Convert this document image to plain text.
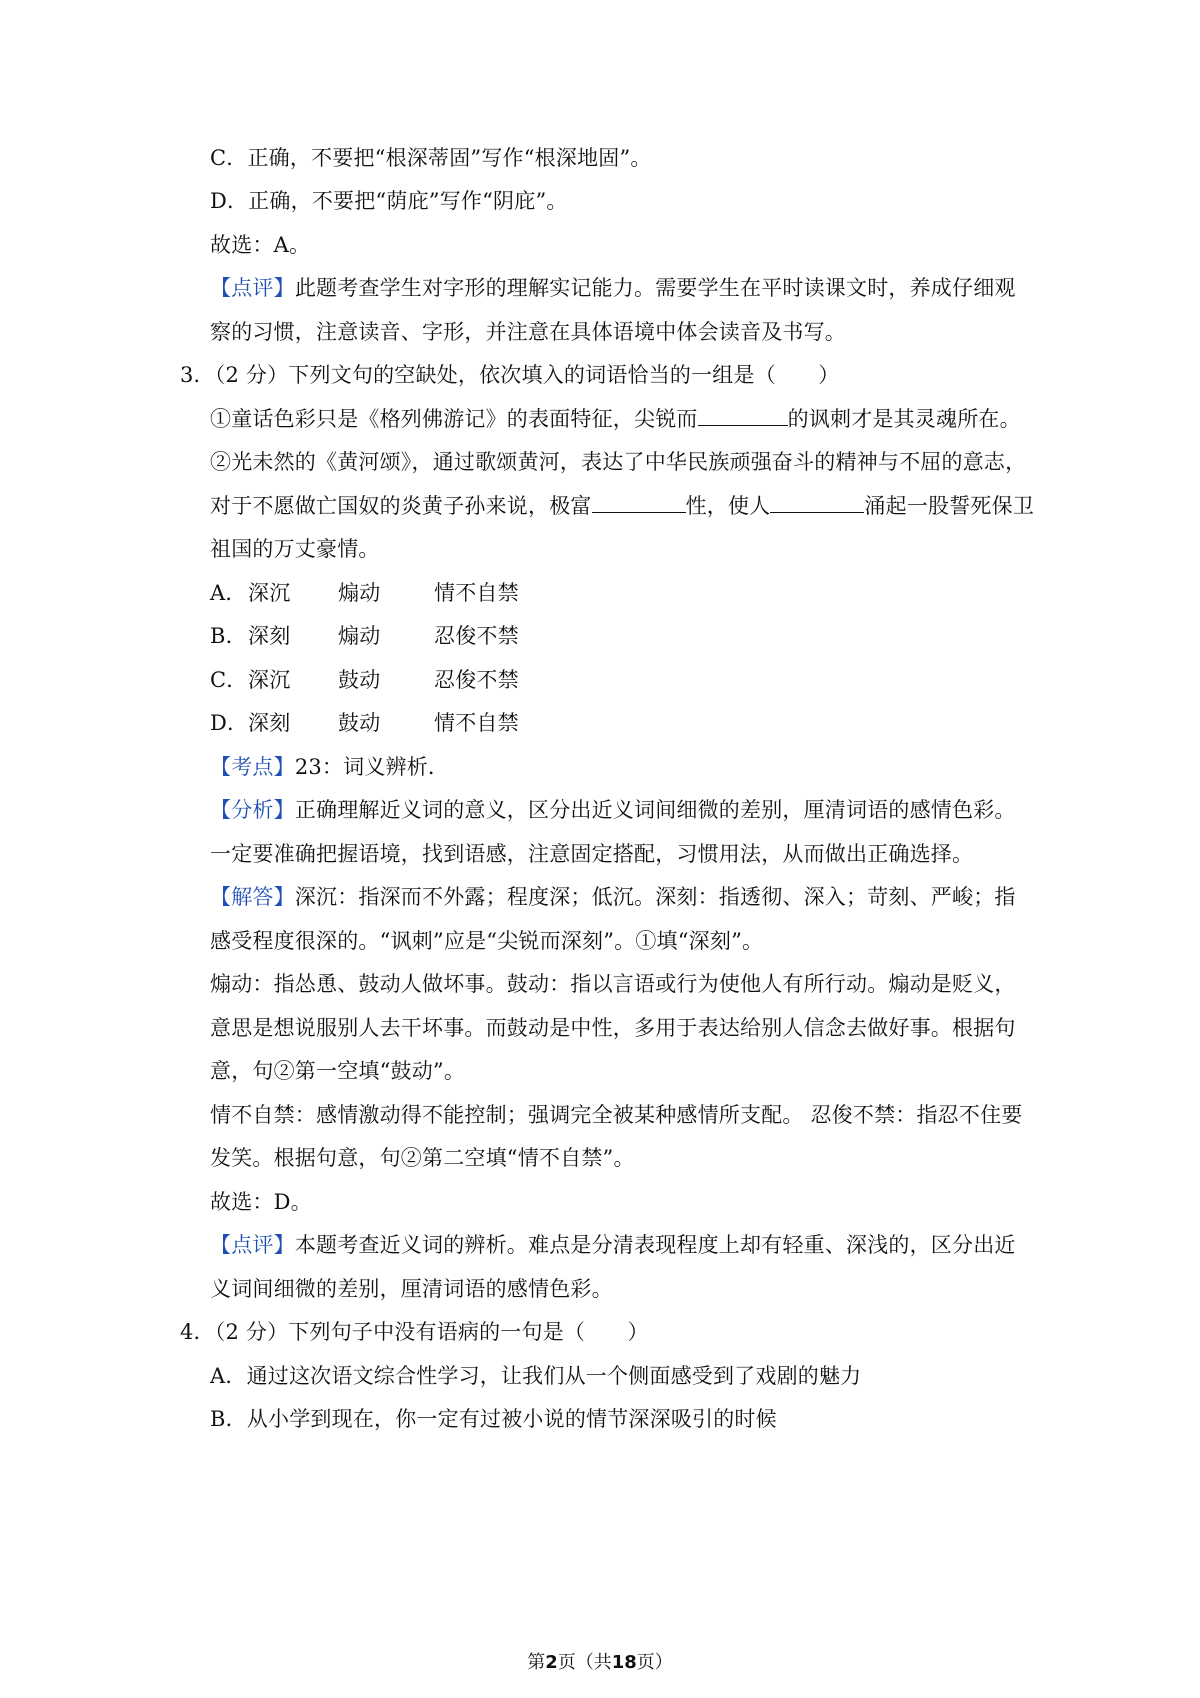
C．正确，不要把“根深蒂固”写作“根深地固”。
D．正确，不要把“荫庇”写作“阴庇”。
故选：A。
【点评】此题考查学生对字形的理解实记能力。需要学生在平时读课文时，养成仔细观
察的习惯，注意读音、字形，并注意在具体语境中体会读音及书写。
3．（2 分）下列文句的空缺处，依次填入的词语恰当的一组是（　　）
①童话色彩只是《格列佛游记》的表面特征，尖锐而	的讽刺才是其灵魂所在。
②光未然的《黄河颂》，通过歌颂黄河，表达了中华民族顽强奋斗的精神与不屈的意志，
对于不愿做亡国奴的炎黄子孙来说，极富	性，使人	涌起一股誓死保卫
祖国的万丈豪情。
A．深沉 煽动	情不自禁
B．深刻 煽动	忍俊不禁
C．深沉 鼓动	忍俊不禁
D．深刻 鼓动	情不自禁
【考点】23：词义辨析．
【分析】正确理解近义词的意义，区分出近义词间细微的差别，厘清词语的感情色彩。
一定要准确把握语境，找到语感，注意固定搭配，习惯用法，从而做出正确选择。
【解答】深沉：指深而不外露；程度深；低沉。深刻：指透彻、深入；苛刻、严峻；指
感受程度很深的。“讽刺”应是“尖锐而深刻”。①填“深刻”。
煽动：指怂恿、鼓动人做坏事。鼓动：指以言语或行为使他人有所行动。煽动是贬义，
意思是想说服别人去干坏事。而鼓动是中性，多用于表达给别人信念去做好事。根据句
意，句②第一空填“鼓动”。
情不自禁：感情激动得不能控制；强调完全被某种感情所支配。 忍俊不禁：指忍不住要
发笑。根据句意，句②第二空填“情不自禁”。
故选：D。
【点评】本题考查近义词的辨析。难点是分清表现程度上却有轻重、深浅的，区分出近
义词间细微的差别，厘清词语的感情色彩。
4．（2 分）下列句子中没有语病的一句是（　　）
A．通过这次语文综合性学习，让我们从一个侧面感受到了戏剧的魅力
B．从小学到现在，你一定有过被小说的情节深深吸引的时候
第2页（共18页）
